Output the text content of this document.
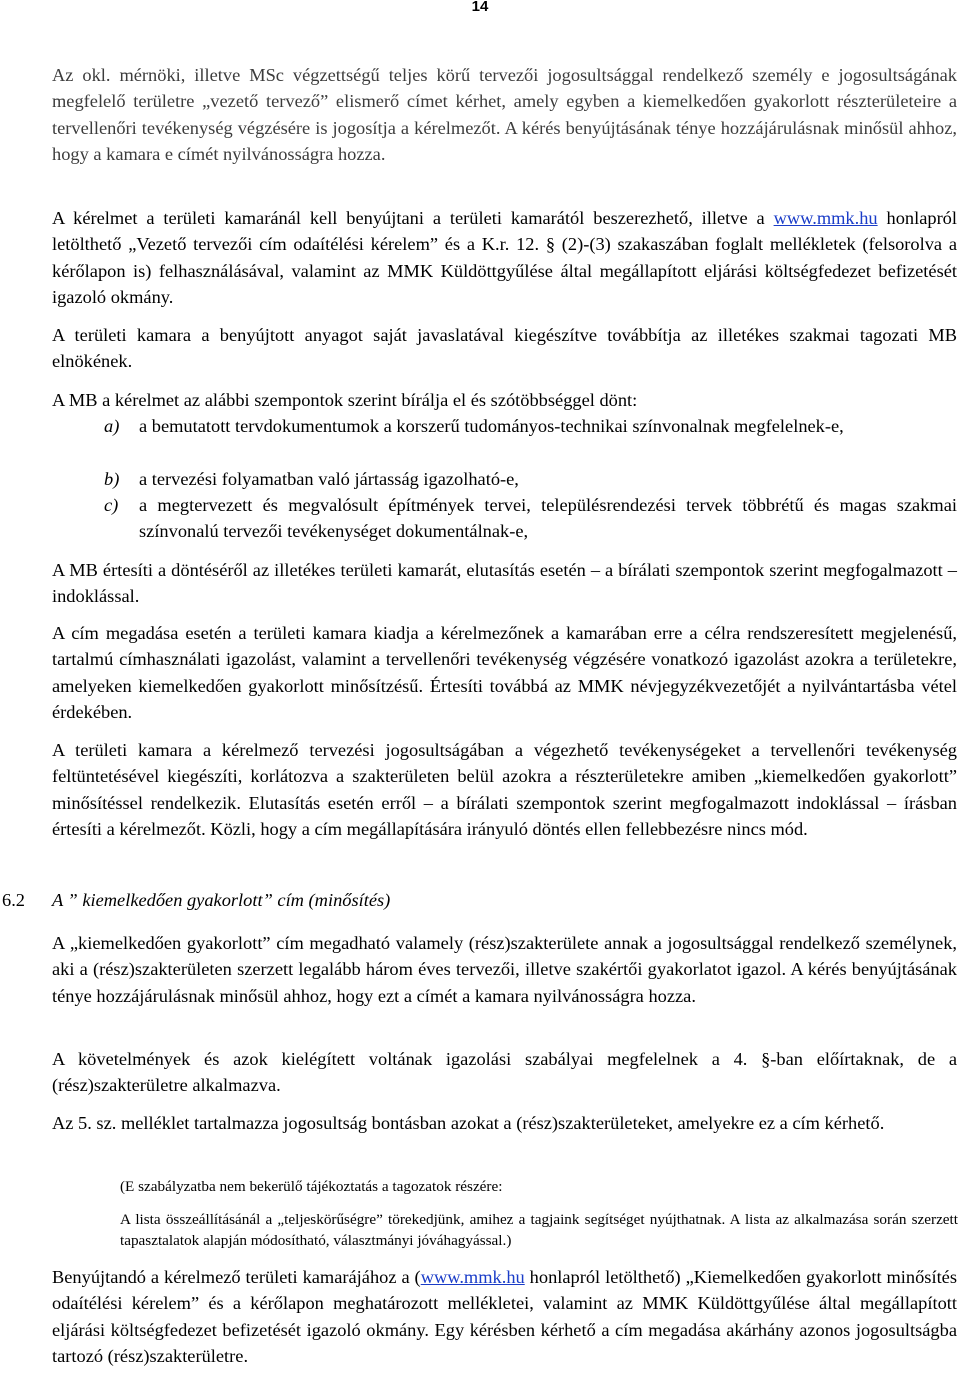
14

Az okl. mérnöki, illetve MSc végzettségű teljes körű tervezői jogosultsággal rendelkező személy e jogosultságának megfelelő területre „vezető tervező” elismerő címet kérhet, amely egyben a kiemelkedően gyakorlott részterületeire a tervellenőri tevékenység végzésére is jogosítja a kérelmezőt. A kérés benyújtásának ténye hozzájárulásnak minősül ahhoz, hogy a kamara e címét nyilvánosságra hozza.

A kérelmet a területi kamaránál kell benyújtani a területi kamarától beszerezhető, illetve a www.mmk.hu honlapról letölthető „Vezető tervezői cím odaítélési kérelem” és a K.r. 12. § (2)-(3) szakaszában foglalt mellékletek (felsorolva a kérőlapon is) felhasználásával, valamint az MMK Küldöttgyűlése által megállapított eljárási költségfedezet befizetését igazoló okmány.

A területi kamara a benyújtott anyagot saját javaslatával kiegészítve továbbítja az illetékes szakmai tagozati MB elnökének.

A MB a kérelmet az alábbi szempontok szerint bírálja el és szótöbbséggel dönt:

a) a bemutatott tervdokumentumok a korszerű tudományos-technikai színvonalnak megfelelnek-e,
b) a tervezési folyamatban való jártasság igazolható-e,
c) a megtervezett és megvalósult építmények tervei, településrendezési tervek többrétű és magas szakmai színvonalú tervezői tevékenységet dokumentálnak-e,

A MB értesíti a döntéséről az illetékes területi kamarát, elutasítás esetén – a bírálati szempontok szerint megfogalmazott – indoklással.

A cím megadása esetén a területi kamara kiadja a kérelmezőnek a kamarában erre a célra rendszeresített megjelenésű, tartalmú címhasználati igazolást, valamint a tervellenőri tevékenység végzésére vonatkozó igazolást azokra a területekre, amelyeken kiemelkedően gyakorlott minősítzésű. Értesíti továbbá az MMK névjegyzékvezetőjét a nyilvántartásba vétel érdekében.

A területi kamara a kérelmező tervezési jogosultságában a végezhető tevékenységeket a tervellenőri tevékenység feltüntetésével kiegészíti, korlátozva a szakterületen belül azokra a részterületekre amiben „kiemelkedően gyakorlott” minősítéssel rendelkezik. Elutasítás esetén erről – a bírálati szempontok szerint megfogalmazott indoklással – írásban értesíti a kérelmezőt. Közli, hogy a cím megállapítására irányuló döntés ellen fellebbezésre nincs mód.

6.2 A ” kiemelkedően gyakorlott” cím (minősítés)

A „kiemelkedően gyakorlott” cím megadható valamely (rész)szakterülete annak a jogosultsággal rendelkező személynek, aki a (rész)szakterületen szerzett legalább három éves tervezői, illetve szakértői gyakorlatot igazol. A kérés benyújtásának ténye hozzájárulásnak minősül ahhoz, hogy ezt a címét a kamara nyilvánosságra hozza.

A követelmények és azok kielégített voltának igazolási szabályai megfelelnek a 4. §-ban előírtaknak, de a (rész)szakterületre alkalmazva.

Az 5. sz. melléklet tartalmazza jogosultság bontásban azokat a (rész)szakterületeket, amelyekre ez a cím kérhető.

(E szabályzatba nem bekerülő tájékoztatás a tagozatok részére:

A lista összeállításánál a „teljeskörűségre” törekedjünk, amihez a tagjaink segítséget nyújthatnak. A lista az alkalmazása során szerzett tapasztalatok alapján módosítható, választmányi jóváhagyással.)

Benyújtandó a kérelmező területi kamarájához a (www.mmk.hu honlapról letölthető) „Kiemelkedően gyakorlott minősítés odaítélési kérelem” és a kérőlapon meghatározott mellékletei, valamint az MMK Küldöttgyűlése által megállapított eljárási költségfedezet befizetését igazoló okmány. Egy kérésben kérhető a cím megadása akárhány azonos jogosultságba tartozó (rész)szakterületre.
